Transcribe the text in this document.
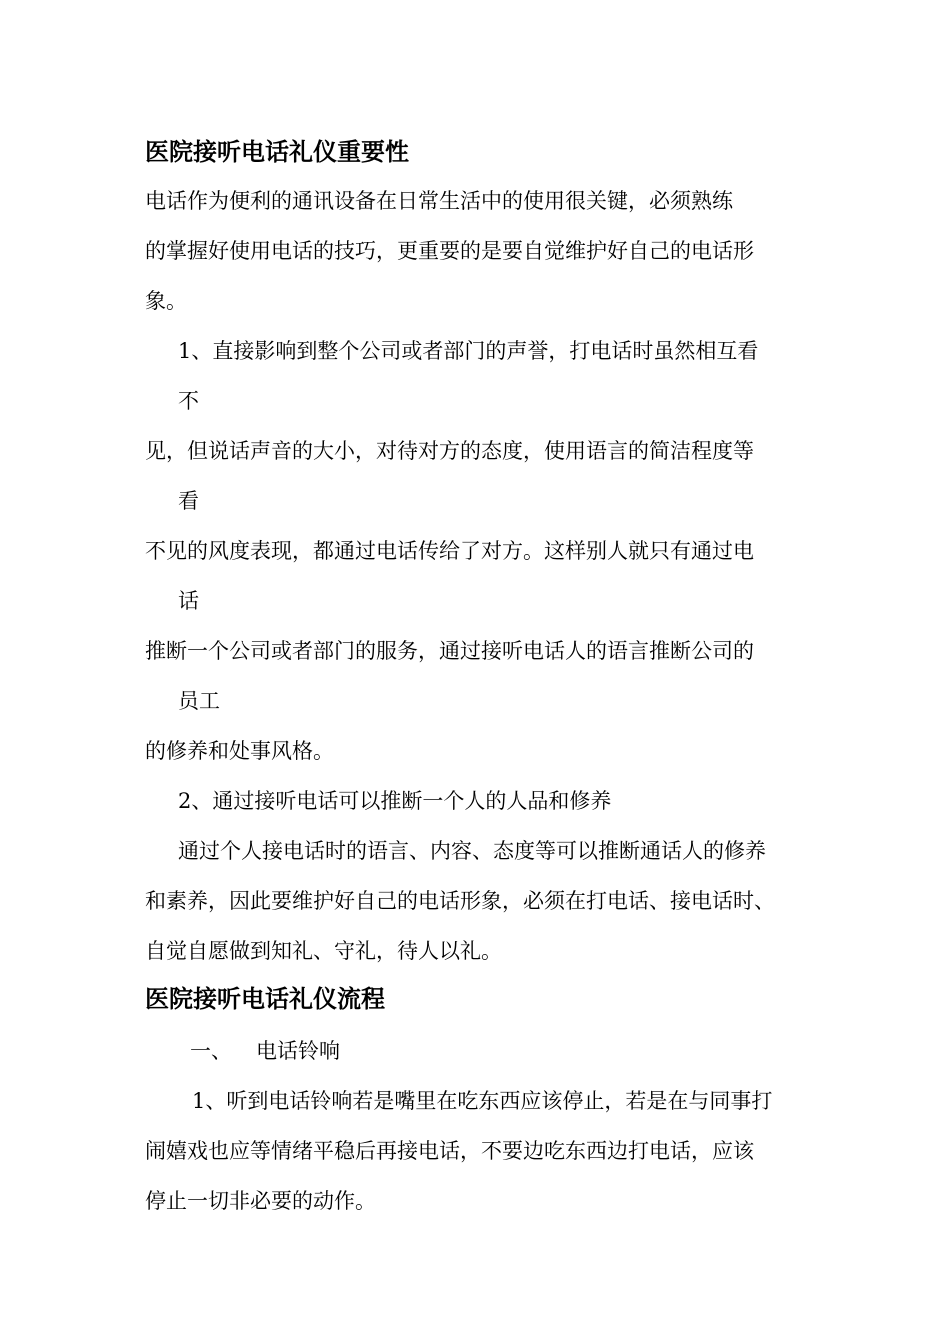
医院接听电话礼仪重要性
电话作为便利的通讯设备在日常生活中的使用很关键，必须熟练
的掌握好使用电话的技巧，更重要的是要自觉维护好自己的电话形
象。
1、直接影响到整个公司或者部门的声誉，打电话时虽然相互看
不
见，但说话声音的大小，对待对方的态度，使用语言的简洁程度等
看
不见的风度表现，都通过电话传给了对方。这样别人就只有通过电
话
推断一个公司或者部门的服务，通过接听电话人的语言推断公司的
员工
的修养和处事风格。
2、通过接听电话可以推断一个人的人品和修养
通过个人接电话时的语言、内容、态度等可以推断通话人的修养
和素养，因此要维护好自己的电话形象，必须在打电话、接电话时、
自觉自愿做到知礼、守礼，待人以礼。
医院接听电话礼仪流程
一、 电话铃响
1、听到电话铃响若是嘴里在吃东西应该停止，若是在与同事打
闹嬉戏也应等情绪平稳后再接电话，不要边吃东西边打电话，应该
停止一切非必要的动作。
